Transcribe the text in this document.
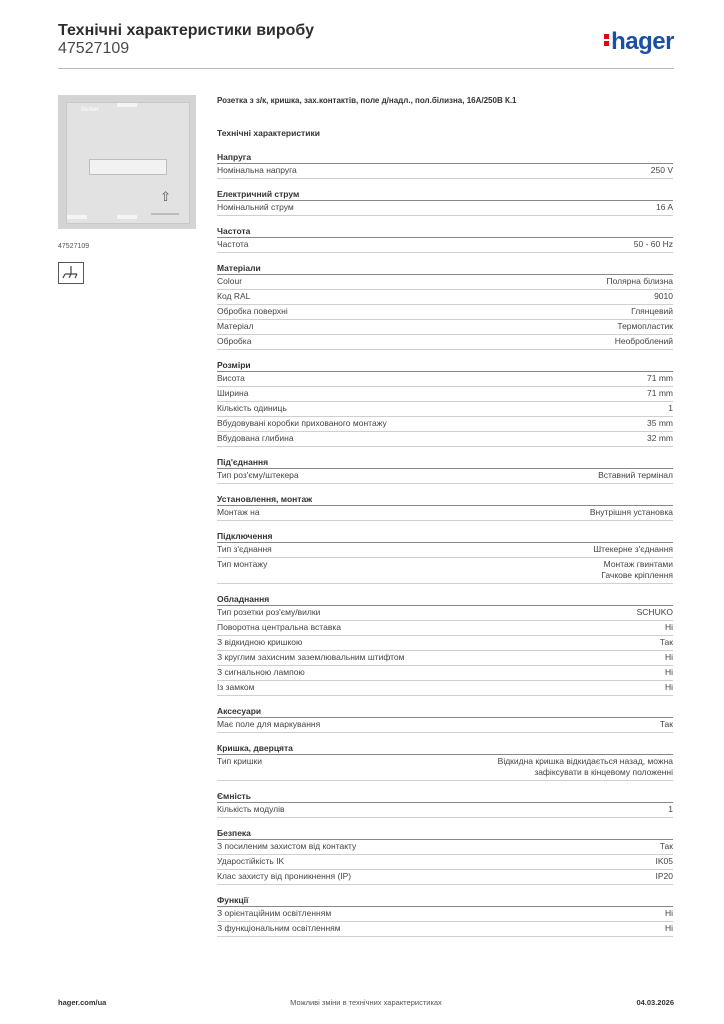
Технічні характеристики виробу
47527109	hager
Berker
⇧
47527109
Розетка з з/к, кришка, зах.контактів, поле д/надл., пол.білизна, 16A/250В К.1
Технічні характеристики
Напруга
Номінальна напруга	250 V
Електричний струм
Номінальний струм	16 A
Частота
Частота	50 - 60 Hz
Матеріали
Colour	Полярна білизна
Код RAL	9010
Обробка поверхні	Глянцевий
Матеріал	Термопластик
Обробка	Необроблений
Розміри
Висота	71 mm
Ширина	71 mm
Кількість одиниць	1
Вбудовувані коробки прихованого монтажу	35 mm
Вбудована глибина	32 mm
Під'єднання
Тип роз'єму/штекера	Вставний термінал
Установлення, монтаж
Монтаж на	Внутрішня установка
Підключення
Тип з'єднання	Штекерне з'єднання
Тип монтажу	Монтаж гвинтами
Гачкове кріплення
Обладнання
Тип розетки роз'єму/вилки	SCHUKO
Поворотна центральна вставка	Ні
З відкидною кришкою	Так
З круглим захисним заземлювальним штифтом	Ні
З сигнальною лампою	Ні
Із замком	Ні
Аксесуари
Має поле для маркування	Так
Кришка, дверцята
Тип кришки	Відкидна кришка відкидається назад, можна
зафіксувати в кінцевому положенні
Ємність
Кількість модулів	1
Безпека
З посиленим захистом від контакту	Так
Ударостійкість IK	IK05
Клас захисту від проникнення (IP)	IP20
Функції
З орієнтаційним освітленням	Ні
З функціональним освітленням	Ні
hager.com/ua	Можливі зміни в технічних характеристиках	04.03.2026
